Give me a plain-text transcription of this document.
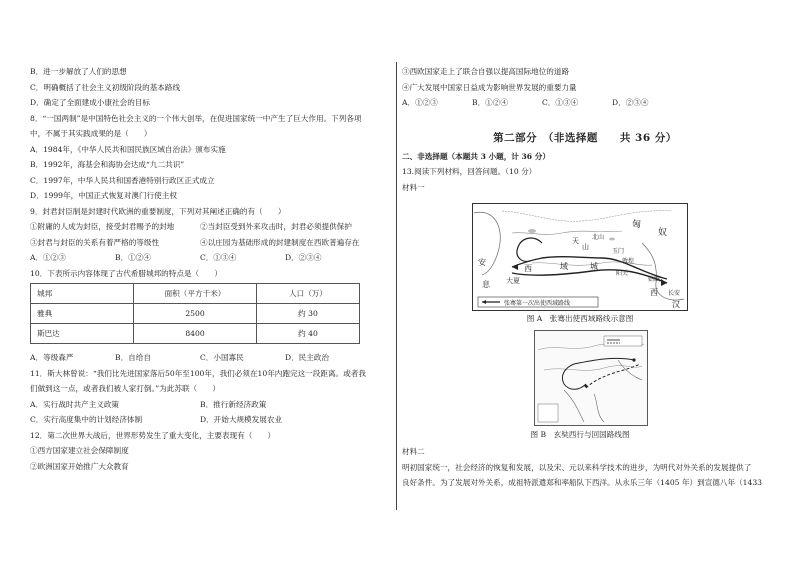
B．进一步解放了人们的思想
C．明确概括了社会主义初级阶段的基本路线
D．确定了全面建成小康社会的目标
8．“一国两制”是中国特色社会主义的一个伟大创举，在促进国家统一中产生了巨大作用。下列各项
中，不属于其实践成果的是（　　）
A．1984年，《中华人民共和国民族区域自治法》颁布实施
B．1992年，海基会和海协会达成“九二共识”
C．1997年，中华人民共和国香港特别行政区正式成立
D．1999年，中国正式恢复对澳门行使主权
9．封君封臣制是封建时代欧洲的重要制度，下列对其阐述正确的有（　　）
①附庸的人成为封臣，接受封君赐予的封地	②当封臣受到外来攻击时，封君必须提供保护
③封君与封臣的关系有着严格的等级性	④以庄园为基础形成的封建制度在西欧普遍存在
A．①②③	B．①②④	C．①③④	D．②③④
10．下表所示内容体现了古代希腊城邦的特点是（　　）
城邦	面积（平方千米）	人口（万）
雅典	2500	约 30
斯巴达	8400	约 40
A．等级森严	B．自给自	C．小国寡民	D．民主政治
11．斯大林曾说：“我们比先进国家落后50年至100年，我们必须在10年内跑完这一段距离。或者我
们做到这一点，或者我们被人家打倒。”为此苏联（　　）
A．实行战时共产主义政策	B．推行新经济政策
C．实行高度集中的计划经济体制	D．开始大规模发展农业
12．第二次世界大战后，世界形势发生了重大变化，主要表现有（　　）
①西方国家建立社会保障制度
②欧洲国家开始推广大众教育
③西欧国家走上了联合自强以提高国际地位的道路
④广大发展中国家日益成为影响世界发展的重要力量
A．①②③	B．①②④	C．①③④	D．②③④
第二部分　（非选择题　　共 36 分）
二、非选择题（本题共 3 小题，计 36 分）
13.阅读下列材料，回答问题。（10 分）
材料一
匈
奴
安
息 大夏
西	域	城
玉门
阳关
敦煌
天
山
北 山
姑臧
西 长安
汉
张骞第一次出使西域路线
图 A　张骞出使西域路线示意图
图 B　玄奘西行与回国路线图

材料二

明初国家统一，社会经济的恢复和发展，以及宋、元以来科学技术的进步，为明代对外关系的发展提供了

良好条件。为了发展对外关系，成祖特派遣郑和率船队下西洋。从永乐三年（1405 年）到宣德八年（1433
